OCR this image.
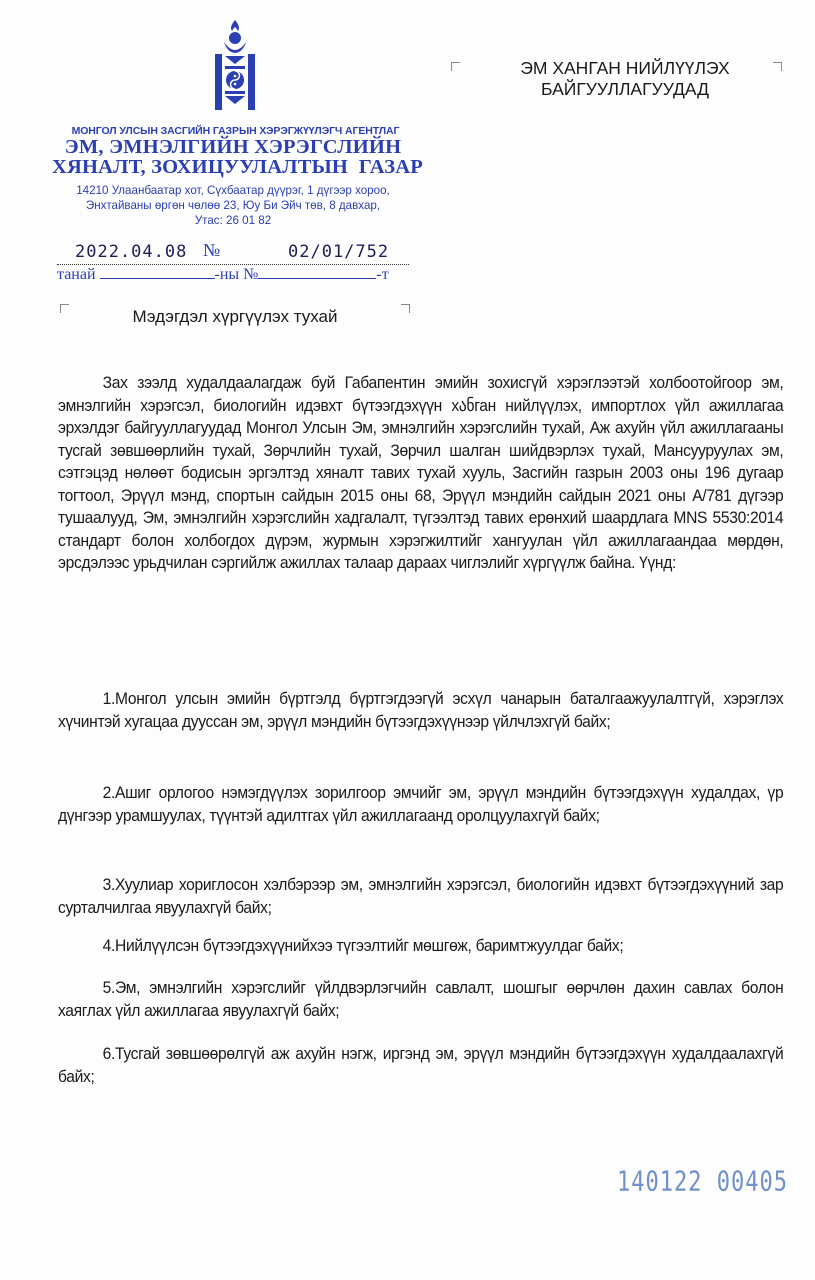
МОНГОЛ УЛСЫН ЗАСГИЙН ГАЗРЫН ХЭРЭГЖҮҮЛЭГЧ АГЕНТЛАГ
ЭМ, ЭМНЭЛГИЙН ХЭРЭГСЛИЙН
ХЯНАЛТ, ЗОХИЦУУЛАЛТЫН  ГАЗАР
14210 Улаанбаатар хот, Сүхбаатар дүүрэг, 1 дүгээр хороо,
Энхтайваны өргөн чөлөө 23, Юу Би Эйч төв, 8 давхар,
Утас: 26 01 82
2022.04.08 №	02/01/752
танай	-ны №	-т
ЭМ ХАНГАН НИЙЛҮҮЛЭХ
БАЙГУУЛЛАГУУДАД
Мэдэгдэл хүргүүлэх тухай

Зах зээлд худалдаалагдаж буй Габапентин эмийн зохисгүй хэрэглээтэй холбоотойгоор эм, эмнэлгийн хэрэгсэл, биологийн идэвхт бүтээгдэхүүн хანган нийлүүлэх, импортлох үйл ажиллагаа эрхэлдэг байгууллагуудад Монгол Улсын Эм, эмнэлгийн хэрэгслийн тухай, Аж ахуйн үйл ажиллагааны тусгай зөвшөөрлийн тухай, Зөрчлийн тухай, Зөрчил шалган шийдвэрлэх тухай, Мансууруулах эм, сэтгэцэд нөлөөт бодисын эргэлтэд хяналт тавих тухай хууль, Засгийн газрын 2003 оны 196 дугаар тогтоол, Эрүүл мэнд, спортын сайдын 2015 оны 68, Эрүүл мэндийн сайдын 2021 оны А/781 дүгээр тушаалууд, Эм, эмнэлгийн хэрэгслийн хадгалалт, түгээлтэд тавих ерөнхий шаардлага MNS 5530:2014 стандарт болон холбогдох дүрэм, журмын хэрэгжилтийг хангуулан үйл ажиллагаандаа мөрдөн, эрсдэлээс урьдчилан сэргийлж ажиллах талаар дараах чиглэлийг хүргүүлж байна. Үүнд:

1.Монгол улсын эмийн бүртгэлд бүртгэгдээгүй эсхүл чанарын баталгаажуулалтгүй, хэрэглэх хүчинтэй хугацаа дууссан эм, эрүүл мэндийн бүтээгдэхүүнээр үйлчлэхгүй байх;

2.Ашиг орлогоо нэмэгдүүлэх зорилгоор эмчийг эм, эрүүл мэндийн бүтээгдэхүүн худалдах, үр дүнгээр урамшуулах, түүнтэй адилтгах үйл ажиллагаанд оролцуулахгүй байх;

3.Хуулиар хориглосон хэлбэрээр эм, эмнэлгийн хэрэгсэл, биологийн идэвхт бүтээгдэхүүний зар сурталчилгаа явуулахгүй байх;

4.Нийлүүлсэн бүтээгдэхүүнийхээ түгээлтийг мөшгөж, баримтжуулдаг байх;

5.Эм, эмнэлгийн хэрэгслийг үйлдвэрлэгчийн савлалт, шошгыг өөрчлөн дахин савлах болон хаяглах үйл ажиллагаа явуулахгүй байх;

6.Тусгай зөвшөөрөлгүй аж ахуйн нэгж, иргэнд эм, эрүүл мэндийн бүтээгдэхүүн худалдаалахгүй байх;

140122 00405
